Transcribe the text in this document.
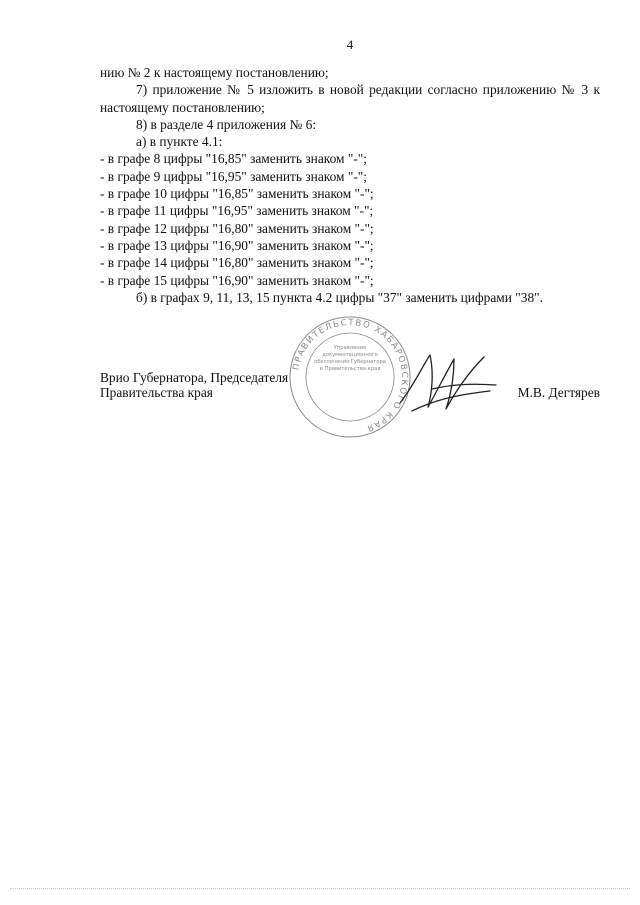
4

нию № 2 к настоящему постановлению;

7) приложение № 5 изложить в новой редакции согласно приложению № 3 к настоящему постановлению;

8) в разделе 4 приложения № 6:

а) в пункте 4.1:

- в графе 8 цифры "16,85" заменить знаком "-";

- в графе 9 цифры "16,95" заменить знаком "-";

- в графе 10 цифры "16,85" заменить знаком "-";

- в графе 11 цифры "16,95" заменить знаком "-";

- в графе 12 цифры "16,80" заменить знаком "-";

- в графе 13 цифры "16,90" заменить знаком "-";

- в графе 14 цифры "16,80" заменить знаком "-";

- в графе 15 цифры "16,90" заменить знаком "-";

б) в графах 9, 11, 13, 15 пункта 4.2 цифры "37" заменить цифрами "38".

ПРАВИТЕЛЬСТВО ХАБАРОВСКОГО КРАЯ
Управление документационного обеспечения Губернатора и Правительства края
Врио Губернатора, Председателя
Правительства края	М.В. Дегтярев
